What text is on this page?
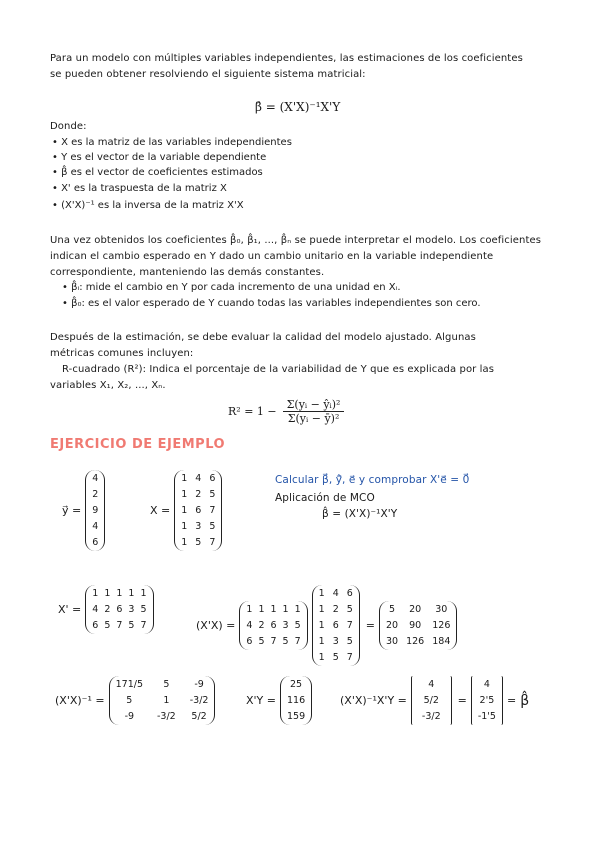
Para un modelo con múltiples variables independientes, las estimaciones de los coeficientes
se pueden obtener resolviendo el siguiente sistema matricial:
β̂ = (X'X)⁻¹X'Y
Donde:
• X es la matriz de las variables independientes
• Y es el vector de la variable dependiente
• β̂ es el vector de coeficientes estimados
• X' es la traspuesta de la matriz X
• (X'X)⁻¹ es la inversa de la matriz X'X
Una vez obtenidos los coeficientes β̂₀, β̂₁, ..., β̂ₙ se puede interpretar el modelo. Los coeficientes
indican el cambio esperado en Y dado un cambio unitario en la variable independiente
correspondiente, manteniendo las demás constantes.
• β̂ᵢ: mide el cambio en Y por cada incremento de una unidad en Xᵢ.
• β̂₀: es el valor esperado de Y cuando todas las variables independientes son cero.
Después de la estimación, se debe evaluar la calidad del modelo ajustado. Algunas
métricas comunes incluyen:
R-cuadrado (R²): Indica el porcentaje de la variabilidad de Y que es explicada por las
variables X₁, X₂, ..., Xₙ.
$R^2 = 1 - \frac{\text{Σ(yᵢ − ŷᵢ)²}}{\text{Σ(yᵢ − ȳ)²}}$
EJERCICIO DE EJEMPLO
y⃗ =
4
2
9
4
6
X =
1 4 6
1 2 5
1 6 7
1 3 5
1 5 7
Calcular β⃗, ŷ⃗, e⃗ y comprobar X'e⃗ = 0⃗
Aplicación de MCO
β̂ = (X'X)⁻¹X'Y
X' =
1 1 1 1 1
4 2 6 3 5
6 5 7 5 7	(X'X) =
1 1 1 1 1
4 2 6 3 5
6 5 7 5 7
1 4 6
1 2 5
1 6 7
1 3 5
1 5 7
=
5	20	30
20	90	126
30 126 184
(X'X)⁻¹ =
171/5	5	-9
5	1	-3/2
-9	-3/2 5/2
X'Y =
25
116
159
(X'X)⁻¹X'Y =
4
5/2
-3/2
=
4
2'5
-1'5
= β̂
